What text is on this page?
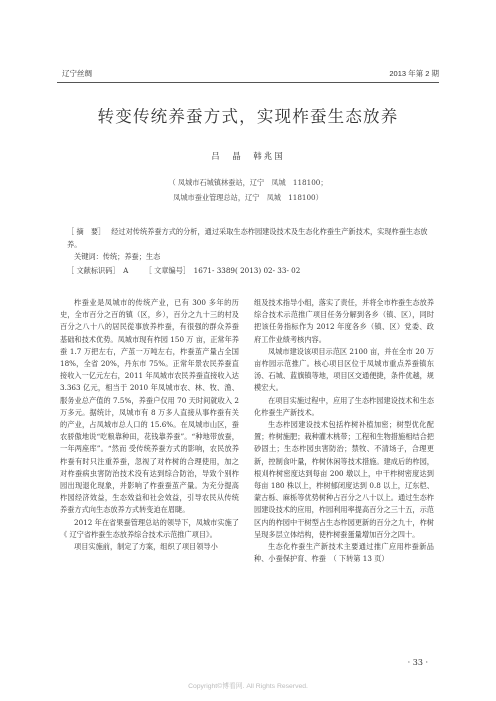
辽宁丝绸	2013 年第 2 期
转变传统养蚕方式，实现柞蚕生态放养
吕　晶　韩兆国
（ 凤城市石城镇林蚕站，辽宁　凤城　118100；
凤城市蚕业管理总站，辽宁　凤城　118100）
［ 摘　要］ 经过对传统养蚕方式的分析，通过采取生态柞园建设技术及生态化柞蚕生产新技术，实现柞蚕生态放养。
关键词：传统；养蚕；生态
［ 文献标识码］　A ［ 文章编号］　1671- 3389( 2013) 02- 33- 02

柞蚕业是凤城市的传统产业，已有 300 多年的历史，全市百分之百的镇（区，乡），百分之九十三的村及百分之八十八的居民從事放养柞蚕，有很强的群众养蚕基础和技术优势。凤城市现有柞园 150 万 亩，正常年养蚕 1.7 万把左右，产茧一万吨左右，柞蚕茧产量占全国 18%，全省 20%，丹东市 75%。正常年景农民养蚕直接收入一亿元左右，2011 年凤城市农民养蚕直接收入达 3.363 亿元，相当于 2010 年凤城市农、林、牧、渔、服务业总产值的 7.5%，养蚕户仅用 70 天时间就收入 2 万多元。据统计，凤城市有 8 万多人直接从事柞蚕有关的产业，占凤城市总人口的 15.6%。在凤城市山区，蚕农骄傲地说“吃粮靠种田，花钱靠养蚕”。“种地带放蚕，一年两座库”。“然而 受传统养蚕方式的影响，农民放养柞蚕有时只注重养蚕，忽视了对柞树的合理使用，加之对柞蚕病虫害防治技术没有达到综合防治，导致个别柞园出现退化现象，并影响了柞蚕蚕茧产量。为充分提高柞园经济效益，生态效益和社会效益，引导农民从传统养蚕方式向生态放养方式转变迫在眉睫。

2012 年在省果蚕管理总站的领导下，凤城市实施了《 辽宁省柞蚕生态放养综合技术示范推广项目》。

项目实施前，制定了方案，组织了项目领导小

组及技术指导小组，落实了责任，并将全市柞蚕生态放养综合技术示范推广项目任务分解到各乡（镇、区），同时把该任务指标作为 2012 年度各乡（镇、区）党委、政府工作业绩考核内容。

凤城市建设该项目示范区 2100 亩，并在全市 20 万亩柞园示范推广。核心项目区位于凤城市重点养蚕镇东汤、石城、蓝旗镇等地，项目区交通便捷，条件优越，规模宏大。

在项目实施过程中，应用了生态柞园建设技术和生态化柞蚕生产新技术。

生态柞园建设技术包括柞树补植加密；树型优化配置；柞树施肥；栽种灌木桃带；工程和生物措施相结合把砂固土；生态柞园虫害防治；禁牧、不清场子，合理更新，控制食叶量，柞树休闲等技术措施。建成后的柞园，根刈柞树密度达到每亩 200 墩以上，中干柞树密度达到每亩 180 株以上，柞树郁闭度达到 0.8 以上，辽东桤、蒙古栎、麻栎等优势树种占百分之八十以上。通过生态柞园建设技术的应用，柞园利用率提高百分之三十五，示范区内的柞园中干树型占生态柞园更新的百分之九十，柞树呈现多层立体结构，使柞树蚕蛋量增加百分之四十。

生态化柞蚕生产新技术主要通过推广应用柞蚕新品种、小蚕保护育、柞蚕　（ 下转第 13 页）

· 33 ·
Copyright©博看网. All Rights Reserved.
